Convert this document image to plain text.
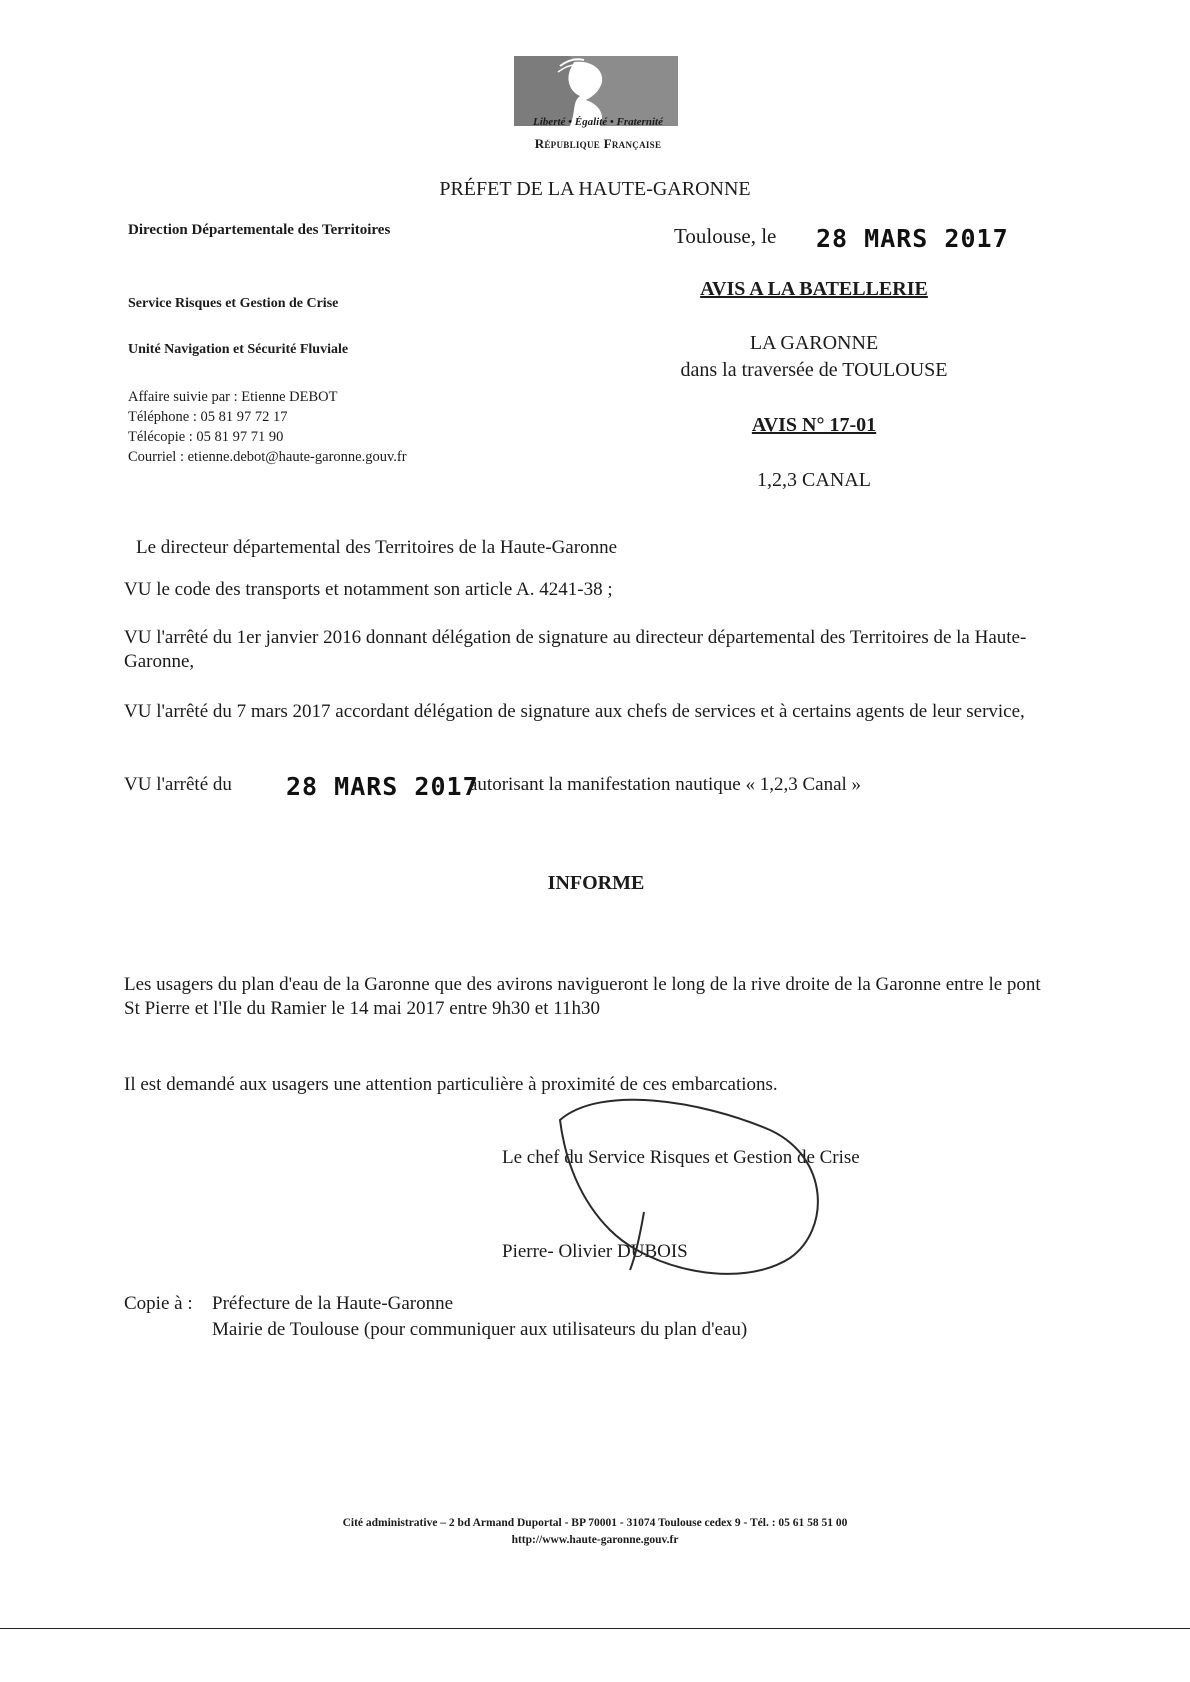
Liberté • Égalité • Fraternité
République Française
PRÉFET DE LA HAUTE-GARONNE
Direction Départementale des Territoires
Service Risques et Gestion de Crise
Unité Navigation et Sécurité Fluviale
Affaire suivie par : Etienne DEBOT
Téléphone : 05 81 97 72 17
Télécopie : 05 81 97 71 90
Courriel : etienne.debot@haute-garonne.gouv.fr
Toulouse, le 28 MARS 2017
AVIS A LA BATELLERIE
LA GARONNE
dans la traversée de TOULOUSE
AVIS N° 17-01
1,2,3 CANAL
Le directeur départemental des Territoires de la Haute-Garonne
VU le code des transports et notamment son article A. 4241-38 ;
VU l'arrêté du 1er janvier 2016 donnant délégation de signature au directeur départemental des Territoires de la Haute-Garonne,
VU l'arrêté du 7 mars 2017 accordant délégation de signature aux chefs de services et à certains agents de leur service,
VU l'arrêté du 28 MARS 2017
autorisant la manifestation nautique « 1,2,3 Canal »
INFORME
Les usagers du plan d'eau de la Garonne que des avirons navigueront le long de la rive droite de la Garonne entre le pont St Pierre et l'Ile du Ramier le 14 mai 2017 entre 9h30 et 11h30
Il est demandé aux usagers une attention particulière à proximité de ces embarcations.
Le chef du Service Risques et Gestion de Crise
Pierre- Olivier DUBOIS
Copie à : Préfecture de la Haute-Garonne
Mairie de Toulouse (pour communiquer aux utilisateurs du plan d'eau)
Cité administrative – 2 bd Armand Duportal - BP 70001 - 31074 Toulouse cedex 9 - Tél. : 05 61 58 51 00
http://www.haute-garonne.gouv.fr
